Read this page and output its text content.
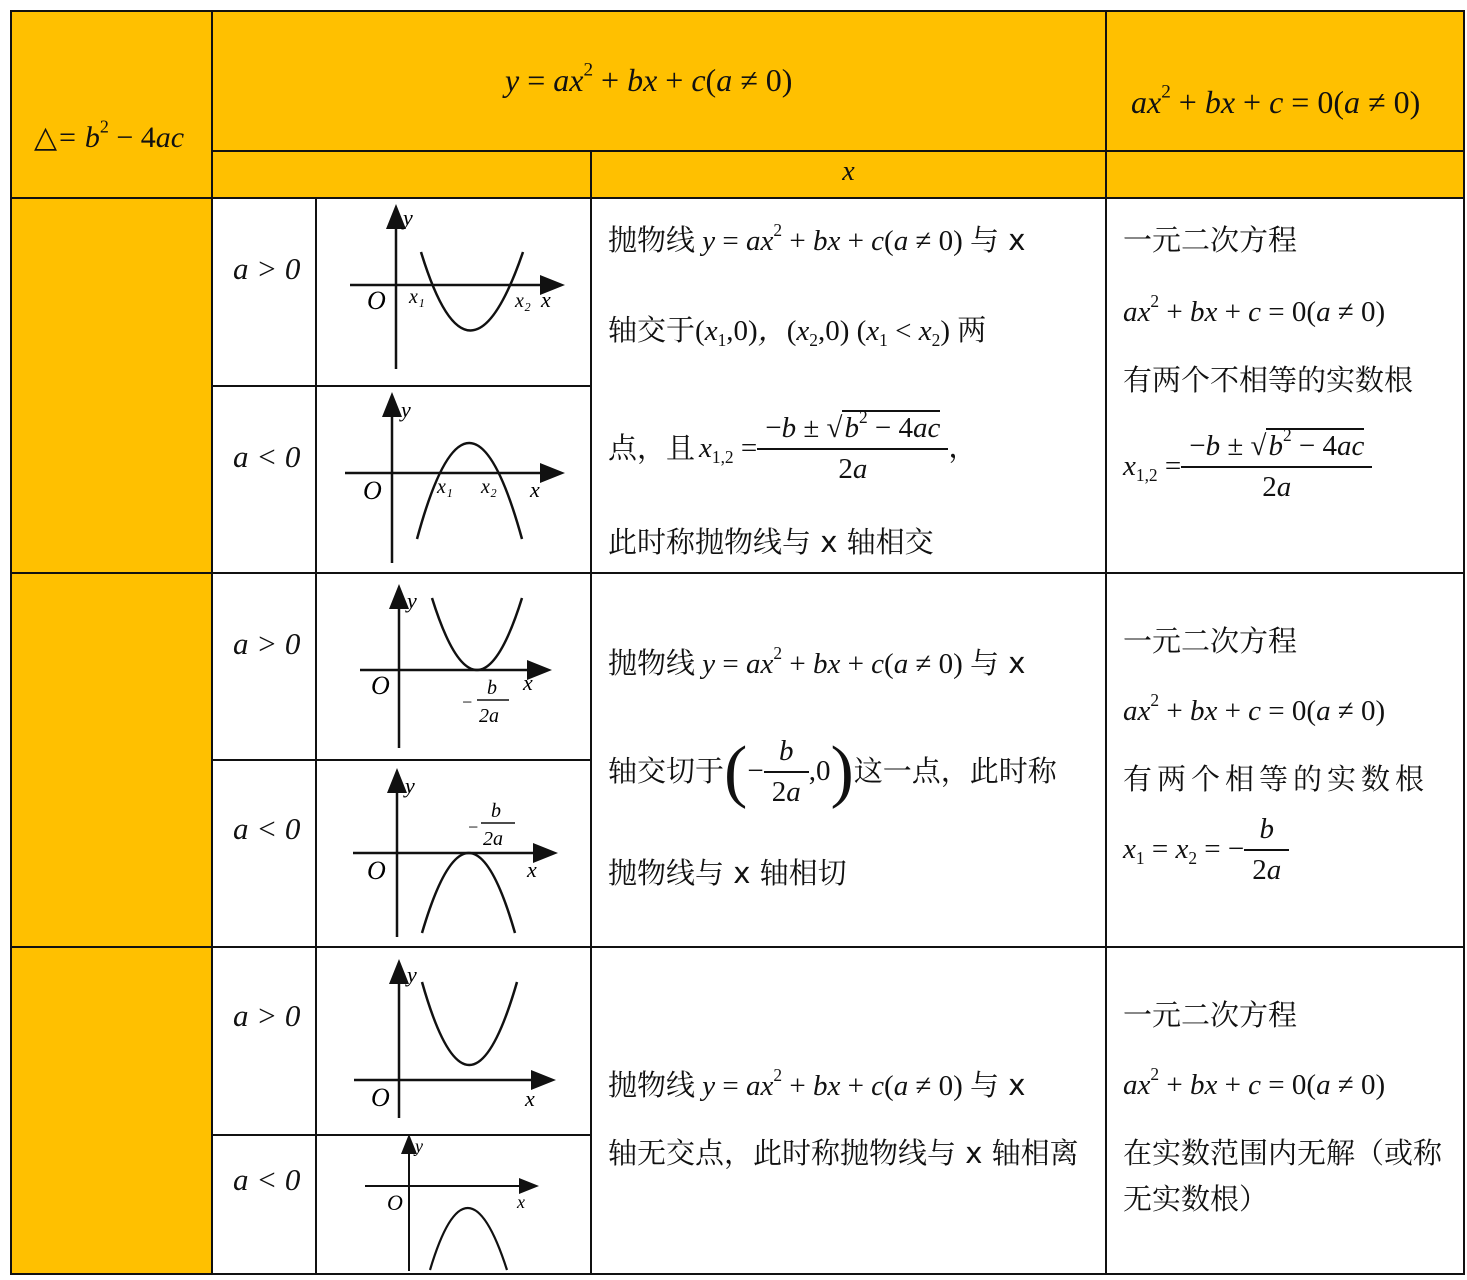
△= $b^2 - 4ac$
$y = ax^2$ + bx + c(a ≠ 0)
$ax^2$ + bx + c = 0(a ≠ 0)
x
a > 0
a < 0
a > 0
a < 0
a > 0
a < 0
O
y
x₁	x₂ x
O
y
x₁ x₂ x
O
y
x
−
b
2a
O
y
x
−
b
2a
O
y
x
O
y
x
抛物线 $y = ax^2$ + bx + c(a ≠ 0) 与 x
轴交于$(x_1,0)$，$(x_2,0) (x_1 < x_2)$ 两
点，且 $x_{1,2} = \frac{-b \pm √b^2 - 4ac}{2a}$ ，
此时称抛物线与 x 轴相交
抛物线 $y = ax^2$ + bx + c(a ≠ 0) 与 x
轴交切于 ( − $\frac{b}{2a} ,0$ ) 这一点，此时称
抛物线与 x 轴相切
抛物线 $y = ax^2$ + bx + c(a ≠ 0) 与 x
轴无交点，此时称抛物线与 x 轴相离
一元二次方程
$ax^2$ + bx + c = 0(a ≠ 0)
有两个不相等的实数根
$x_{1,2} = \frac{-b \pm √b^2 - 4ac}{2a}$
一元二次方程
$ax^2$ + bx + c = 0(a ≠ 0)
有两个相等的实数根
$x_1 = x_2$ = − $\frac{b}{2a}$
一元二次方程
$ax^2$ + bx + c = 0(a ≠ 0)
在实数范围内无解（或称
无实数根）
